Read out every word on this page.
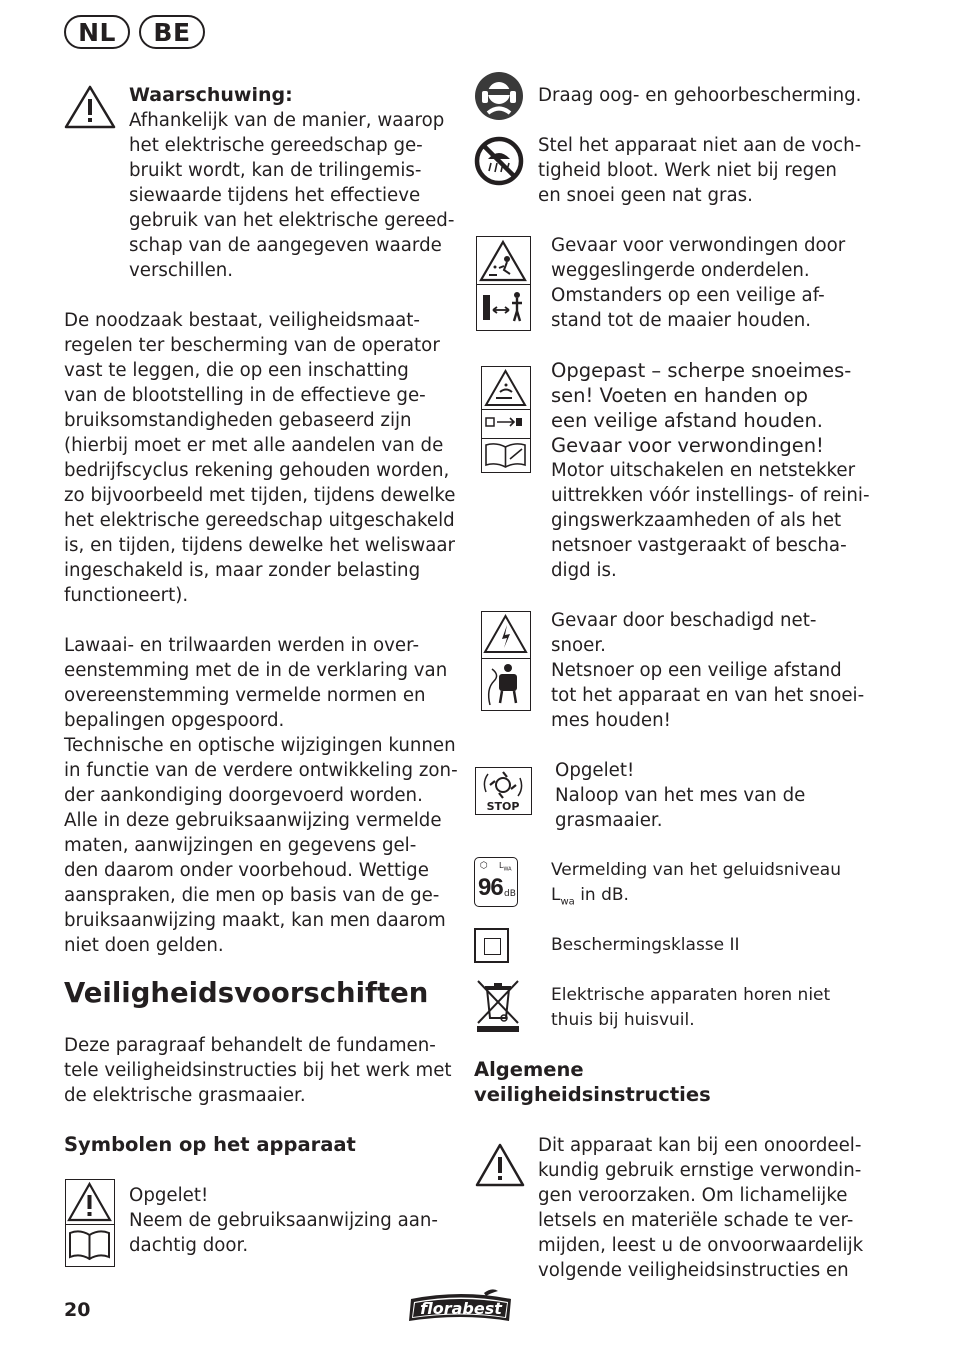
NL	BE
Waarschuwing:
Afhankelijk van de manier, waarop
het elektrische gereedschap ge-
bruikt wordt, kan de trilingemis-
siewaarde tijdens het effectieve
gebruik van het elektrische gereed-
schap van de aangegeven waarde
verschillen.
De noodzaak bestaat, veiligheidsmaat-
regelen ter bescherming van de operator
vast te leggen, die op een inschatting
van de blootstelling in de effectieve ge-
bruiksomstandigheden gebaseerd zijn
(hierbij moet er met alle aandelen van de
bedrijfscyclus rekening gehouden worden,
zo bijvoorbeeld met tijden, tijdens dewelke
het elektrische gereedschap uitgeschakeld
is, en tijden, tijdens dewelke het weliswaar
ingeschakeld is, maar zonder belasting
functioneert).
Lawaai- en trilwaarden werden in over-
eenstemming met de in de verklaring van
overeenstemming vermelde normen en
bepalingen opgespoord.
Technische en optische wijzigingen kunnen
in functie van de verdere ontwikkeling zon-
der aankondiging doorgevoerd worden.
Alle in deze gebruiksaanwijzing vermelde
maten, aanwijzingen en gegevens gel-
den daarom onder voorbehoud. Wettige
aanspraken, die men op basis van de ge-
bruiksaanwijzing maakt, kan men daarom
niet doen gelden.
Veiligheidsvoorschiften
Deze paragraaf behandelt de fundamen-
tele veiligheidsinstructies bij het werk met
de elektrische grasmaaier.
Symbolen op het apparaat
Opgelet!
Neem de gebruiksaanwijzing aan-
dachtig door.
Draag oog- en gehoorbescherming.
Stel het apparaat niet aan de voch-
tigheid bloot. Werk niet bij regen
en snoei geen nat gras.
Gevaar voor verwondingen door
weggeslingerde onderdelen.
Omstanders op een veilige af-
stand tot de maaier houden.
Opgepast – scherpe snoeimes-
sen! Voeten en handen op
een veilige afstand houden.
Gevaar voor verwondingen!
Motor uitschakelen en netstekker
uittrekken vóór instellings- of reini-
gingswerkzaamheden of als het
netsnoer vastgeraakt of bescha-
digd is.
Gevaar door beschadigd net-
snoer.
Netsnoer op een veilige afstand
tot het apparaat en van het snoei-
mes houden!
STOP
Opgelet!
Naloop van het mes van de
grasmaaier.
⬡ $L_{WA}$
96 dB
Vermelding van het geluidsniveau
$L_{wa}$ in dB.
Beschermingsklasse II
Elektrische apparaten horen niet
thuis bij huisvuil.
Algemene
veiligheidsinstructies
Dit apparaat kan bij een onoordeel-
kundig gebruik ernstige verwondin-
gen veroorzaken. Om lichamelijke
letsels en materiële schade te ver-
mijden, leest u de onvoorwaardelijk
volgende veiligheidsinstructies en
20	florabest
